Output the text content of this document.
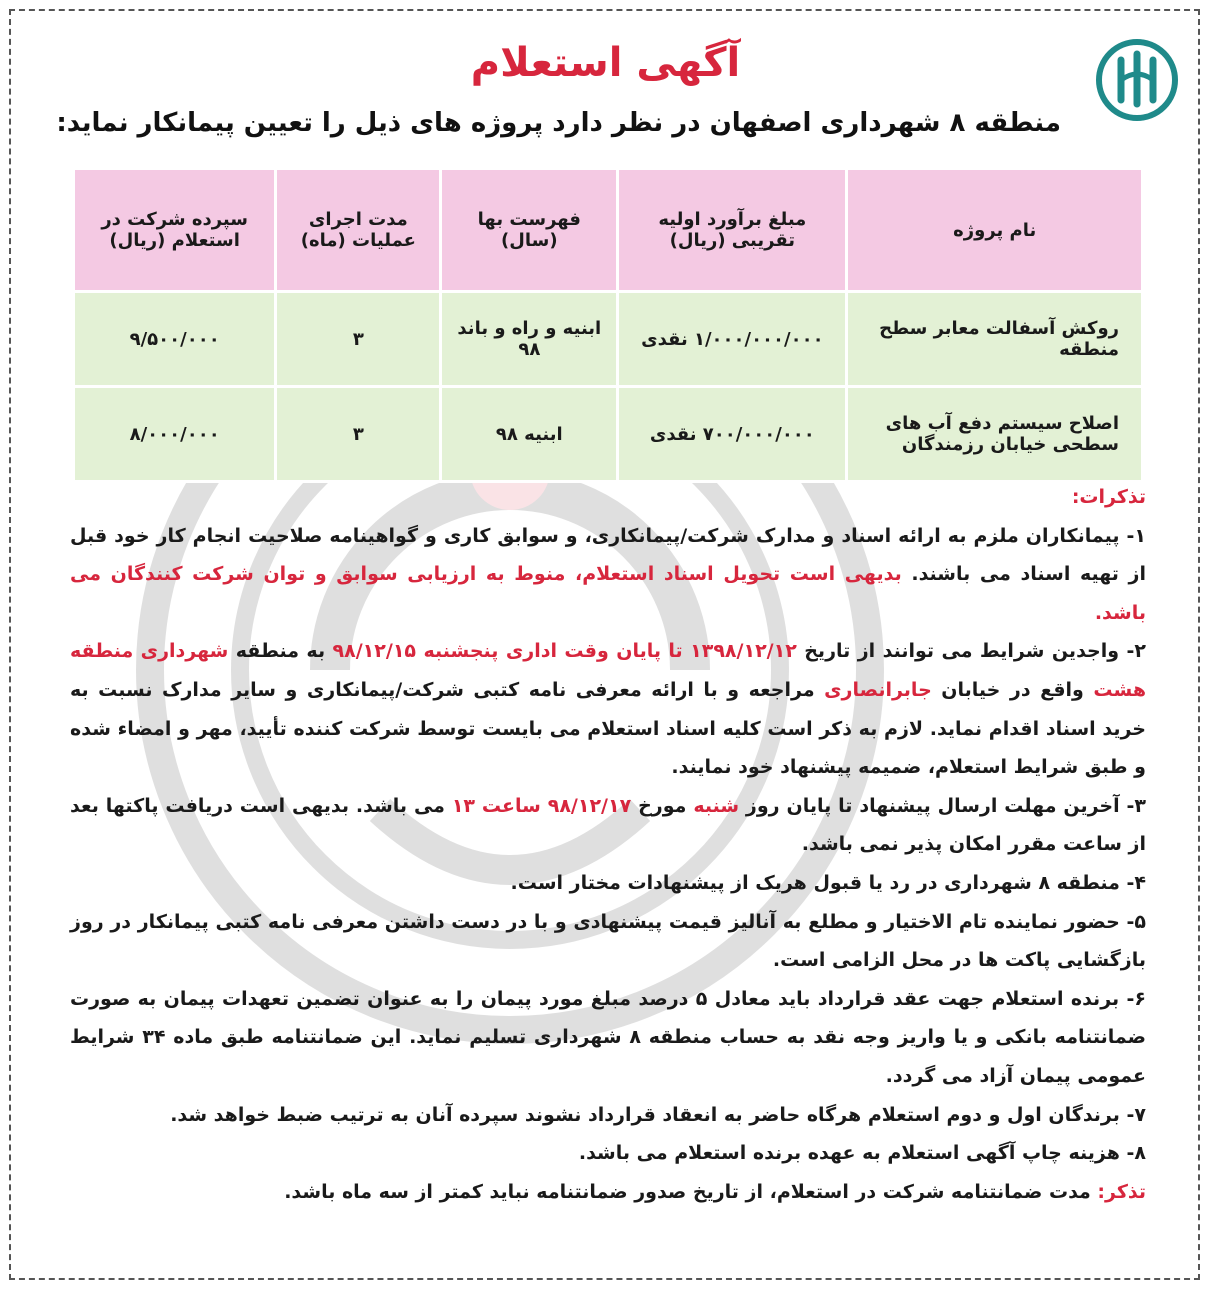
آگهی استعلام
منطقه ۸ شهرداری اصفهان در نظر دارد پروژه های ذیل را تعیین پیمانکار نماید:
نام پروژه	مبلغ برآورد اولیه تقریبی (ریال)	فهرست بها (سال)	مدت اجرای عملیات (ماه)	سپرده شرکت در استعلام (ریال)
روکش آسفالت معابر سطح منطقه	۱/۰۰۰/۰۰۰/۰۰۰ نقدی	ابنیه و راه و باند ۹۸	۳	۹/۵۰۰/۰۰۰
اصلاح سیستم دفع آب های سطحی خیابان رزمندگان	۷۰۰/۰۰۰/۰۰۰ نقدی	ابنیه ۹۸	۳	۸/۰۰۰/۰۰۰

تذکرات:

۱- پیمانکاران ملزم به ارائه اسناد و مدارک شرکت/پیمانکاری، و سوابق کاری و گواهینامه صلاحیت انجام کار خود قبل از تهیه اسناد می باشند. بدیهی است تحویل اسناد استعلام، منوط به ارزیابی سوابق و توان شرکت کنندگان می باشد.

۲- واجدین شرایط می توانند از تاریخ ۱۳۹۸/۱۲/۱۲ تا پایان وقت اداری پنجشنبه ۹۸/۱۲/۱۵ به منطقه شهرداری منطقه هشت واقع در خیابان جابرانصاری مراجعه و با ارائه معرفی نامه کتبی شرکت/پیمانکاری و سایر مدارک نسبت به خرید اسناد اقدام نماید. لازم به ذکر است کلیه اسناد استعلام می بایست توسط شرکت کننده تأیید، مهر و امضاء شده و طبق شرایط استعلام، ضمیمه پیشنهاد خود نمایند.

۳- آخرین مهلت ارسال پیشنهاد تا پایان روز شنبه مورخ ۹۸/۱۲/۱۷ ساعت ۱۳ می باشد. بدیهی است دریافت پاکتها بعد از ساعت مقرر امکان پذیر نمی باشد.

۴- منطقه ۸ شهرداری در رد یا قبول هریک از پیشنهادات مختار است.

۵- حضور نماینده تام الاختیار و مطلع به آنالیز قیمت پیشنهادی و با در دست داشتن معرفی نامه کتبی پیمانکار در روز بازگشایی پاکت ها در محل الزامی است.

۶- برنده استعلام جهت عقد قرارداد باید معادل ۵ درصد مبلغ مورد پیمان را به عنوان تضمین تعهدات پیمان به صورت ضمانتنامه بانکی و یا واریز وجه نقد به حساب منطقه ۸ شهرداری تسلیم نماید. این ضمانتنامه طبق ماده ۳۴ شرایط عمومی پیمان آزاد می گردد.

۷- برندگان اول و دوم استعلام هرگاه حاضر به انعقاد قرارداد نشوند سپرده آنان به ترتیب ضبط خواهد شد.

۸- هزینه چاپ آگهی استعلام به عهده برنده استعلام می باشد.

تذکر: مدت ضمانتنامه شرکت در استعلام، از تاریخ صدور ضمانتنامه نباید کمتر از سه ماه باشد.
